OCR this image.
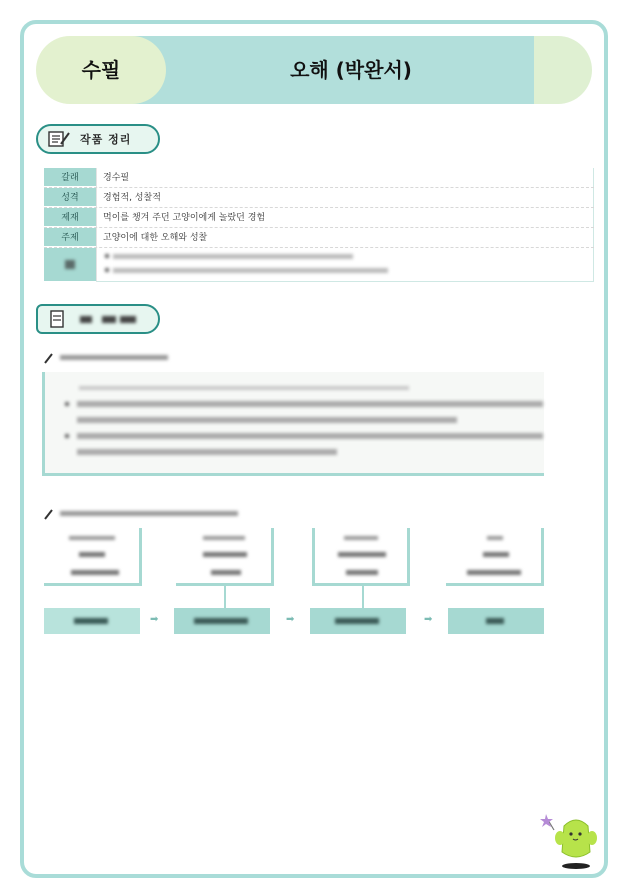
수필	오해 (박완서)
작품 정리
갈래	경수필
성격	경험적, 성찰적
제재	먹이를 챙겨 주던 고양이에게 놀랐던 경험
주제	고양이에 대한 오해와 성찰
➡	➡	➡
